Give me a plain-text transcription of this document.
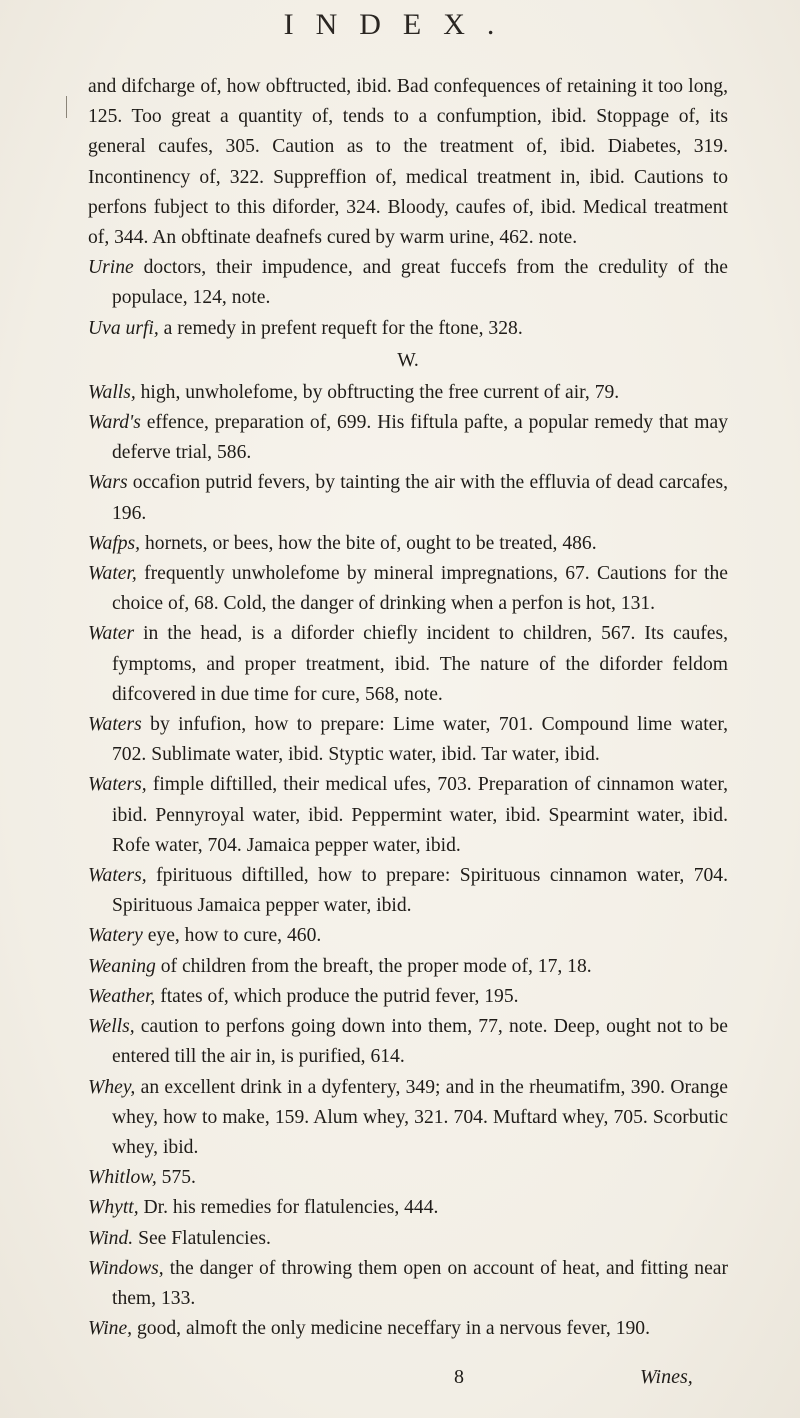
INDEX.

and difcharge of, how obftructed, ibid. Bad confequences of retaining it too long, 125. Too great a quantity of, tends to a confumption, ibid. Stoppage of, its general caufes, 305. Caution as to the treatment of, ibid. Diabetes, 319. Incontinency of, 322. Suppreffion of, medical treatment in, ibid. Cautions to perfons fubject to this diforder, 324. Bloody, caufes of, ibid. Medical treatment of, 344. An obftinate deafnefs cured by warm urine, 462. note.

Urine doctors, their impudence, and great fuccefs from the credulity of the populace, 124, note.

Uva urfi, a remedy in prefent requeft for the ftone, 328.

W.

Walls, high, unwholefome, by obftructing the free current of air, 79.

Ward's effence, preparation of, 699. His fiftula pafte, a popular remedy that may deferve trial, 586.

Wars occafion putrid fevers, by tainting the air with the effluvia of dead carcafes, 196.

Wafps, hornets, or bees, how the bite of, ought to be treated, 486.

Water, frequently unwholefome by mineral impregnations, 67. Cautions for the choice of, 68. Cold, the danger of drinking when a perfon is hot, 131.

Water in the head, is a diforder chiefly incident to children, 567. Its caufes, fymptoms, and proper treatment, ibid. The nature of the diforder feldom difcovered in due time for cure, 568, note.

Waters by infufion, how to prepare: Lime water, 701. Compound lime water, 702. Sublimate water, ibid. Styptic water, ibid. Tar water, ibid.

Waters, fimple diftilled, their medical ufes, 703. Preparation of cinnamon water, ibid. Pennyroyal water, ibid. Peppermint water, ibid. Spearmint water, ibid. Rofe water, 704. Jamaica pepper water, ibid.

Waters, fpirituous diftilled, how to prepare: Spirituous cinnamon water, 704. Spirituous Jamaica pepper water, ibid.

Watery eye, how to cure, 460.

Weaning of children from the breaft, the proper mode of, 17, 18.

Weather, ftates of, which produce the putrid fever, 195.

Wells, caution to perfons going down into them, 77, note. Deep, ought not to be entered till the air in, is purified, 614.

Whey, an excellent drink in a dyfentery, 349; and in the rheumatifm, 390. Orange whey, how to make, 159. Alum whey, 321. 704. Muftard whey, 705. Scorbutic whey, ibid.

Whitlow, 575.

Whytt, Dr. his remedies for flatulencies, 444.

Wind. See Flatulencies.

Windows, the danger of throwing them open on account of heat, and fitting near them, 133.

Wine, good, almoft the only medicine neceffary in a nervous fever, 190.

8	Wines,
